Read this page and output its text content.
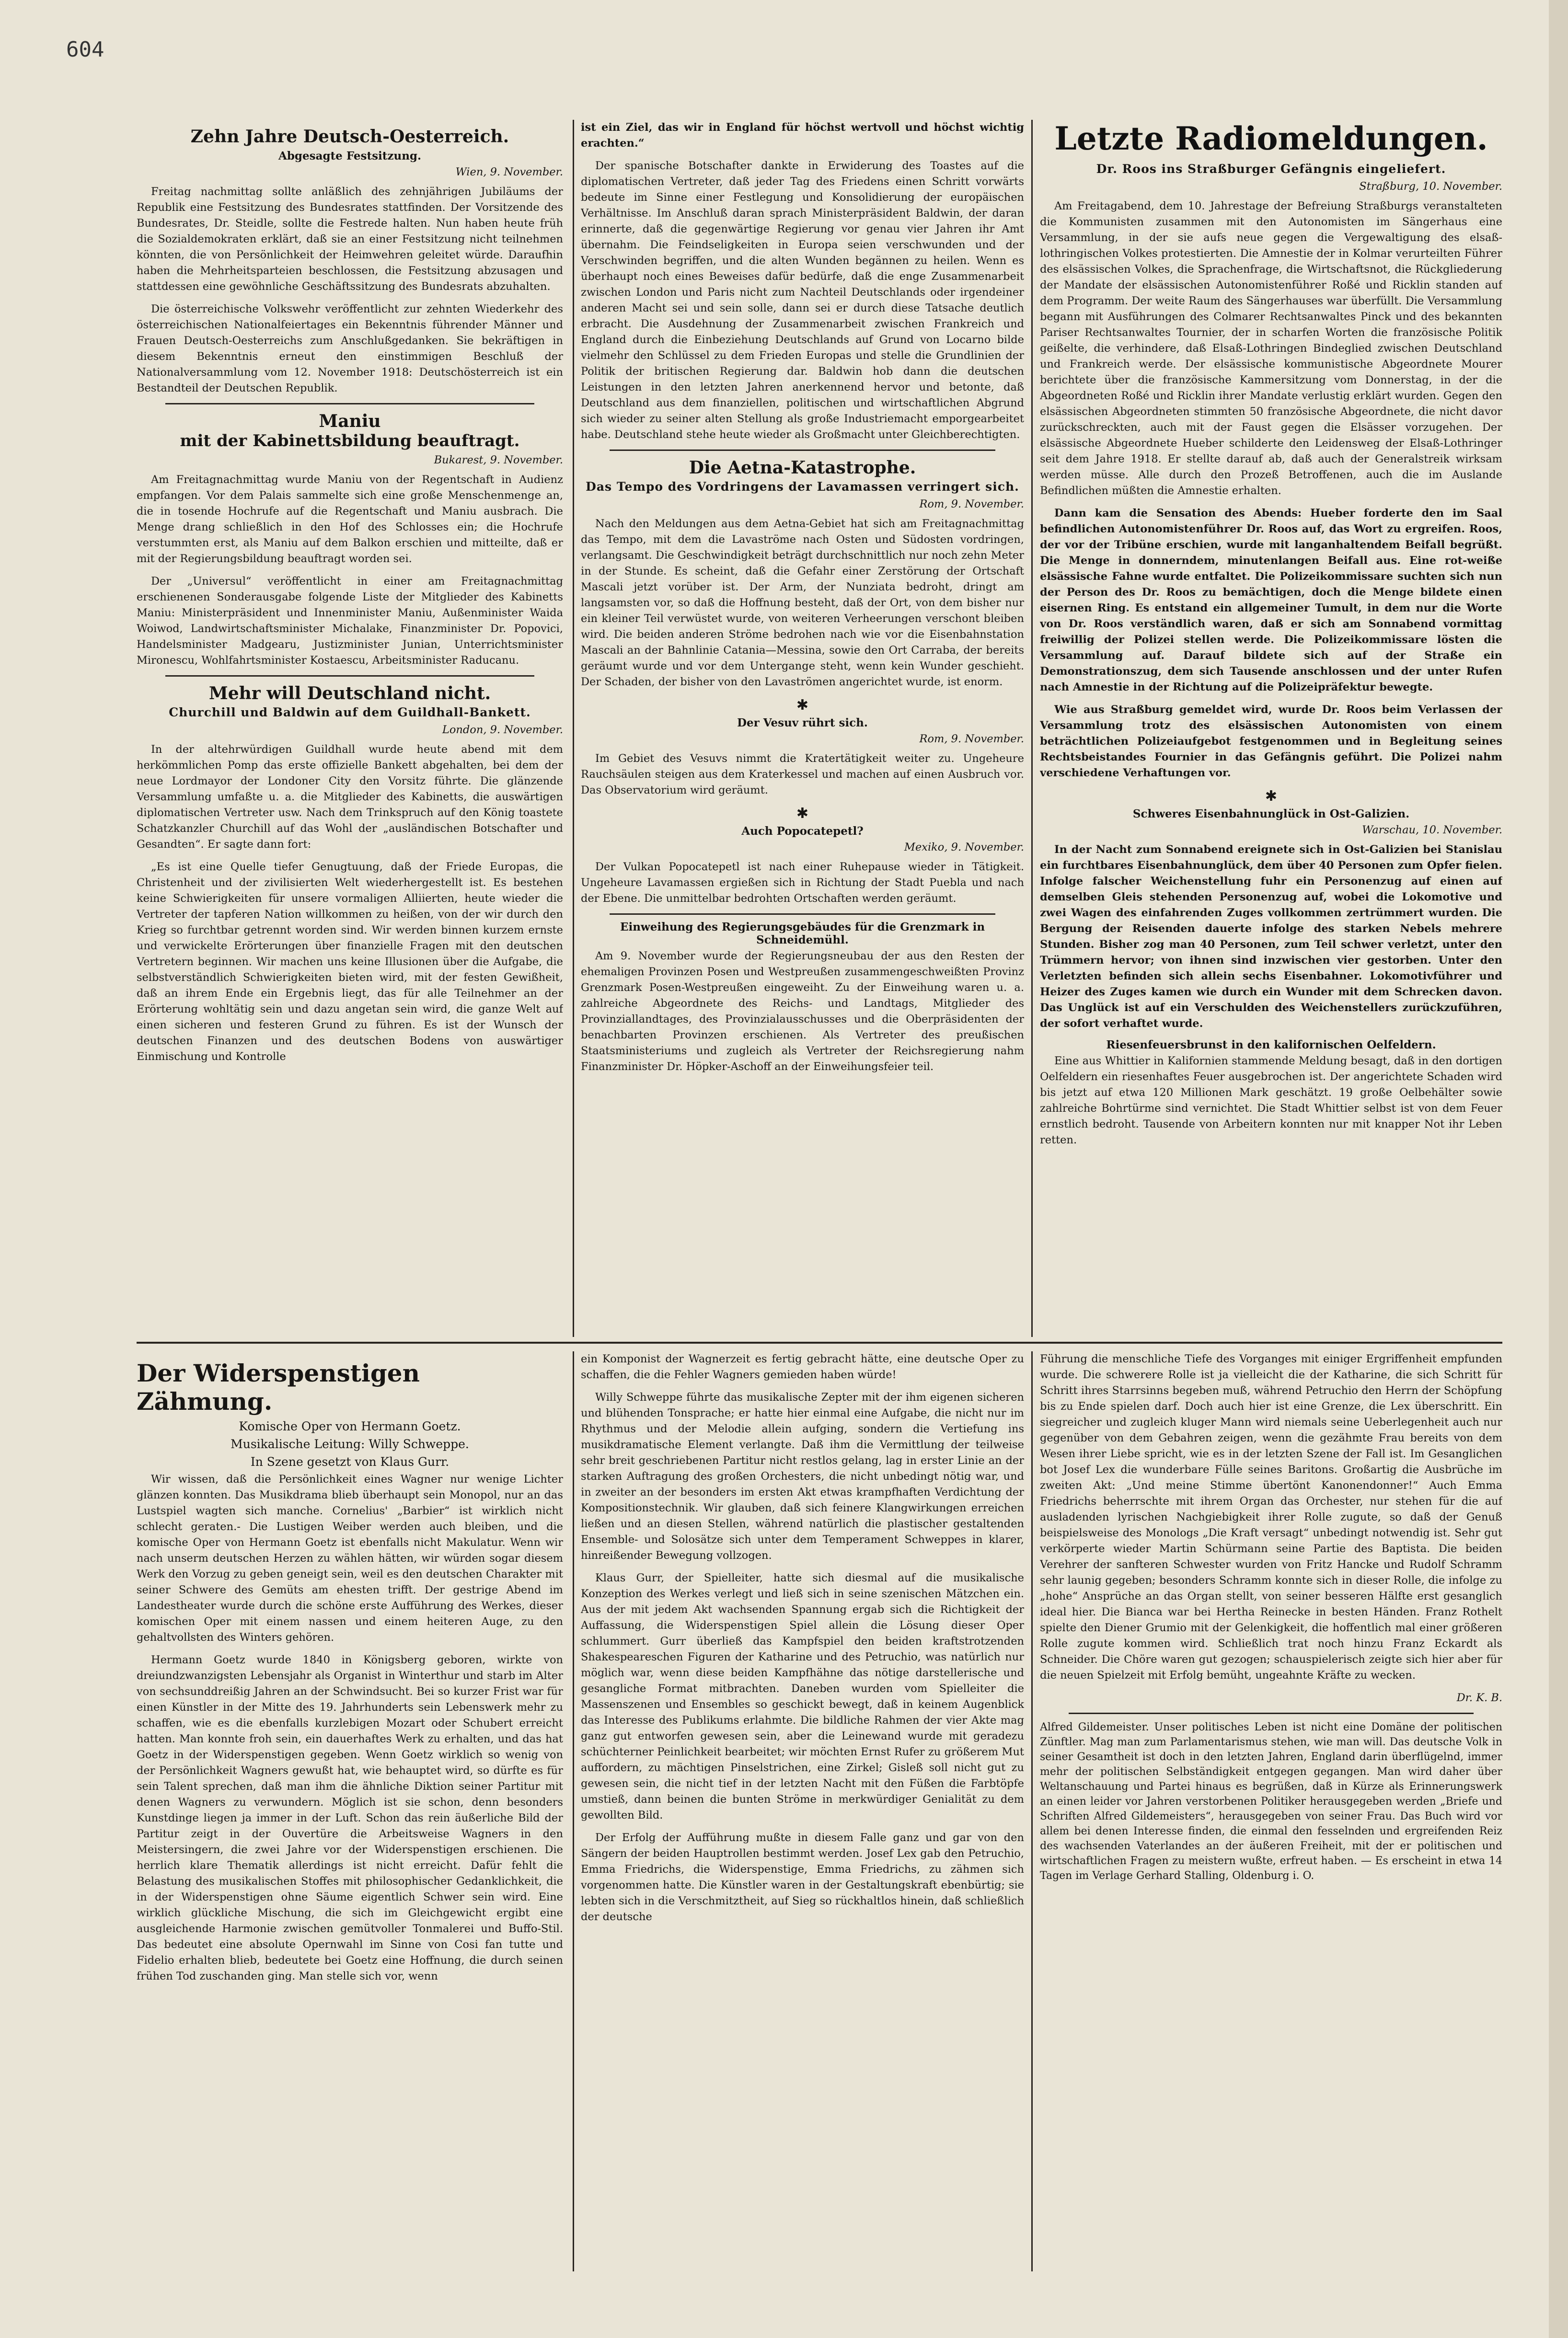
604
Zehn Jahre Deutsch-Oesterreich.
Abgesagte Festsitzung.

Wien, 9. November.

Freitag nachmittag sollte anläßlich des zehnjährigen Jubiläums der Republik eine Festsitzung des Bundesrates stattfinden. Der Vorsitzende des Bundesrates, Dr. Steidle, sollte die Festrede halten. Nun haben heute früh die Sozialdemokraten erklärt, daß sie an einer Festsitzung nicht teilnehmen könnten, die von Persönlichkeit der Heimwehren geleitet würde. Daraufhin haben die Mehrheitsparteien beschlossen, die Festsitzung abzusagen und stattdessen eine gewöhnliche Geschäftssitzung des Bundesrats abzuhalten.

Die österreichische Volkswehr veröffentlicht zur zehnten Wiederkehr des österreichischen Nationalfeiertages ein Bekenntnis führender Männer und Frauen Deutsch-Oesterreichs zum Anschlußgedanken. Sie bekräftigen in diesem Bekenntnis erneut den einstimmigen Beschluß der Nationalversammlung vom 12. November 1918: Deutschösterreich ist ein Bestandteil der Deutschen Republik.

Maniu
mit der Kabinettsbildung beauftragt.

Bukarest, 9. November.

Am Freitagnachmittag wurde Maniu von der Regentschaft in Audienz empfangen. Vor dem Palais sammelte sich eine große Menschenmenge an, die in tosende Hochrufe auf die Regentschaft und Maniu ausbrach. Die Menge drang schließlich in den Hof des Schlosses ein; die Hochrufe verstummten erst, als Maniu auf dem Balkon erschien und mitteilte, daß er mit der Regierungsbildung beauftragt worden sei.

Der „Universul“ veröffentlicht in einer am Freitagnachmittag erschienenen Sonderausgabe folgende Liste der Mitglieder des Kabinetts Maniu: Ministerpräsident und Innenminister Maniu, Außenminister Waida Woiwod, Landwirtschaftsminister Michalake, Finanzminister Dr. Popovici, Handelsminister Madgearu, Justizminister Junian, Unterrichtsminister Mironescu, Wohlfahrtsminister Kostaescu, Arbeitsminister Raducanu.

Mehr will Deutschland nicht.
Churchill und Baldwin auf dem Guildhall-Bankett.

London, 9. November.

In der altehrwürdigen Guildhall wurde heute abend mit dem herkömmlichen Pomp das erste offizielle Bankett abgehalten, bei dem der neue Lordmayor der Londoner City den Vorsitz führte. Die glänzende Versammlung umfaßte u. a. die Mitglieder des Kabinetts, die auswärtigen diplomatischen Vertreter usw. Nach dem Trinkspruch auf den König toastete Schatzkanzler Churchill auf das Wohl der „ausländischen Botschafter und Gesandten“. Er sagte dann fort:

„Es ist eine Quelle tiefer Genugtuung, daß der Friede Europas, die Christenheit und der zivilisierten Welt wiederhergestellt ist. Es bestehen keine Schwierigkeiten für unsere vormaligen Alliierten, heute wieder die Vertreter der tapferen Nation willkommen zu heißen, von der wir durch den Krieg so furchtbar getrennt worden sind. Wir werden binnen kurzem ernste und verwickelte Erörterungen über finanzielle Fragen mit den deutschen Vertretern beginnen. Wir machen uns keine Illusionen über die Aufgabe, die selbstverständlich Schwierigkeiten bieten wird, mit der festen Gewißheit, daß an ihrem Ende ein Ergebnis liegt, das für alle Teilnehmer an der Erörterung wohltätig sein und dazu angetan sein wird, die ganze Welt auf einen sicheren und festeren Grund zu führen. Es ist der Wunsch der deutschen Finanzen und des deutschen Bodens von auswärtiger Einmischung und Kontrolle

ist ein Ziel, das wir in England für höchst wertvoll und höchst wichtig erachten.“

Der spanische Botschafter dankte in Erwiderung des Toastes auf die diplomatischen Vertreter, daß jeder Tag des Friedens einen Schritt vorwärts bedeute im Sinne einer Festlegung und Konsolidierung der europäischen Verhältnisse. Im Anschluß daran sprach Ministerpräsident Baldwin, der daran erinnerte, daß die gegenwärtige Regierung vor genau vier Jahren ihr Amt übernahm. Die Feindseligkeiten in Europa seien verschwunden und der Verschwinden begriffen, und die alten Wunden begännen zu heilen. Wenn es überhaupt noch eines Beweises dafür bedürfe, daß die enge Zusammenarbeit zwischen London und Paris nicht zum Nachteil Deutschlands oder irgendeiner anderen Macht sei und sein solle, dann sei er durch diese Tatsache deutlich erbracht. Die Ausdehnung der Zusammenarbeit zwischen Frankreich und England durch die Einbeziehung Deutschlands auf Grund von Locarno bilde vielmehr den Schlüssel zu dem Frieden Europas und stelle die Grundlinien der Politik der britischen Regierung dar. Baldwin hob dann die deutschen Leistungen in den letzten Jahren anerkennend hervor und betonte, daß Deutschland aus dem finanziellen, politischen und wirtschaftlichen Abgrund sich wieder zu seiner alten Stellung als große Industriemacht emporgearbeitet habe. Deutschland stehe heute wieder als Großmacht unter Gleichberechtigten.

Die Aetna-Katastrophe.
Das Tempo des Vordringens der Lavamassen verringert sich.

Rom, 9. November.

Nach den Meldungen aus dem Aetna-Gebiet hat sich am Freitagnachmittag das Tempo, mit dem die Lavaströme nach Osten und Südosten vordringen, verlangsamt. Die Geschwindigkeit beträgt durchschnittlich nur noch zehn Meter in der Stunde. Es scheint, daß die Gefahr einer Zerstörung der Ortschaft Mascali jetzt vorüber ist. Der Arm, der Nunziata bedroht, dringt am langsamsten vor, so daß die Hoffnung besteht, daß der Ort, von dem bisher nur ein kleiner Teil verwüstet wurde, von weiteren Verheerungen verschont bleiben wird. Die beiden anderen Ströme bedrohen nach wie vor die Eisenbahnstation Mascali an der Bahnlinie Catania—Messina, sowie den Ort Carraba, der bereits geräumt wurde und vor dem Untergange steht, wenn kein Wunder geschieht. Der Schaden, der bisher von den Lavaströmen angerichtet wurde, ist enorm.

✱
Der Vesuv rührt sich.

Rom, 9. November.

Im Gebiet des Vesuvs nimmt die Kratertätigkeit weiter zu. Ungeheure Rauchsäulen steigen aus dem Kraterkessel und machen auf einen Ausbruch vor. Das Observatorium wird geräumt.

✱
Auch Popocatepetl?

Mexiko, 9. November.

Der Vulkan Popocatepetl ist nach einer Ruhepause wieder in Tätigkeit. Ungeheure Lavamassen ergießen sich in Richtung der Stadt Puebla und nach der Ebene. Die unmittelbar bedrohten Ortschaften werden geräumt.

Einweihung des Regierungsgebäudes für die Grenzmark in Schneidemühl.

Am 9. November wurde der Regierungsneubau der aus den Resten der ehemaligen Provinzen Posen und Westpreußen zusammengeschweißten Provinz Grenzmark Posen-Westpreußen eingeweiht. Zu der Einweihung waren u. a. zahlreiche Abgeordnete des Reichs- und Landtags, Mitglieder des Provinziallandtages, des Provinzialausschusses und die Oberpräsidenten der benachbarten Provinzen erschienen. Als Vertreter des preußischen Staatsministeriums und zugleich als Vertreter der Reichsregierung nahm Finanzminister Dr. Höpker-Aschoff an der Einweihungsfeier teil.

Letzte Radiomeldungen.
Dr. Roos ins Straßburger Gefängnis eingeliefert.

Straßburg, 10. November.

Am Freitagabend, dem 10. Jahrestage der Befreiung Straßburgs veranstalteten die Kommunisten zusammen mit den Autonomisten im Sängerhaus eine Versammlung, in der sie aufs neue gegen die Vergewaltigung des elsaß-lothringischen Volkes protestierten. Die Amnestie der in Kolmar verurteilten Führer des elsässischen Volkes, die Sprachenfrage, die Wirtschaftsnot, die Rückgliederung der Mandate der elsässischen Autonomistenführer Roßé und Ricklin standen auf dem Programm. Der weite Raum des Sängerhauses war überfüllt. Die Versammlung begann mit Ausführungen des Colmarer Rechtsanwaltes Pinck und des bekannten Pariser Rechtsanwaltes Tournier, der in scharfen Worten die französische Politik geißelte, die verhindere, daß Elsaß-Lothringen Bindeglied zwischen Deutschland und Frankreich werde. Der elsässische kommunistische Abgeordnete Mourer berichtete über die französische Kammersitzung vom Donnerstag, in der die Abgeordneten Roßé und Ricklin ihrer Mandate verlustig erklärt wurden. Gegen den elsässischen Abgeordneten stimmten 50 französische Abgeordnete, die nicht davor zurückschreckten, auch mit der Faust gegen die Elsässer vorzugehen. Der elsässische Abgeordnete Hueber schilderte den Leidensweg der Elsaß-Lothringer seit dem Jahre 1918. Er stellte darauf ab, daß auch der Generalstreik wirksam werden müsse. Alle durch den Prozeß Betroffenen, auch die im Auslande Befindlichen müßten die Amnestie erhalten.

Dann kam die Sensation des Abends: Hueber forderte den im Saal befindlichen Autonomistenführer Dr. Roos auf, das Wort zu ergreifen. Roos, der vor der Tribüne erschien, wurde mit langanhaltendem Beifall begrüßt. Die Menge in donnerndem, minutenlangen Beifall aus. Eine rot-weiße elsässische Fahne wurde entfaltet. Die Polizeikommissare suchten sich nun der Person des Dr. Roos zu bemächtigen, doch die Menge bildete einen eisernen Ring. Es entstand ein allgemeiner Tumult, in dem nur die Worte von Dr. Roos verständlich waren, daß er sich am Sonnabend vormittag freiwillig der Polizei stellen werde. Die Polizeikommissare lösten die Versammlung auf. Darauf bildete sich auf der Straße ein Demonstrationszug, dem sich Tausende anschlossen und der unter Rufen nach Amnestie in der Richtung auf die Polizeipräfektur bewegte.

Wie aus Straßburg gemeldet wird, wurde Dr. Roos beim Verlassen der Versammlung trotz des elsässischen Autonomisten von einem beträchtlichen Polizeiaufgebot festgenommen und in Begleitung seines Rechtsbeistandes Fournier in das Gefängnis geführt. Die Polizei nahm verschiedene Verhaftungen vor.

✱
Schweres Eisenbahnunglück in Ost-Galizien.

Warschau, 10. November.

In der Nacht zum Sonnabend ereignete sich in Ost-Galizien bei Stanislau ein furchtbares Eisenbahnunglück, dem über 40 Personen zum Opfer fielen. Infolge falscher Weichenstellung fuhr ein Personenzug auf einen auf demselben Gleis stehenden Personenzug auf, wobei die Lokomotive und zwei Wagen des einfahrenden Zuges vollkommen zertrümmert wurden. Die Bergung der Reisenden dauerte infolge des starken Nebels mehrere Stunden. Bisher zog man 40 Personen, zum Teil schwer verletzt, unter den Trümmern hervor; von ihnen sind inzwischen vier gestorben. Unter den Verletzten befinden sich allein sechs Eisenbahner. Lokomotivführer und Heizer des Zuges kamen wie durch ein Wunder mit dem Schrecken davon. Das Unglück ist auf ein Verschulden des Weichenstellers zurückzuführen, der sofort verhaftet wurde.

Riesenfeuersbrunst in den kalifornischen Oelfeldern.

Eine aus Whittier in Kalifornien stammende Meldung besagt, daß in den dortigen Oelfeldern ein riesenhaftes Feuer ausgebrochen ist. Der angerichtete Schaden wird bis jetzt auf etwa 120 Millionen Mark geschätzt. 19 große Oelbehälter sowie zahlreiche Bohrtürme sind vernichtet. Die Stadt Whittier selbst ist von dem Feuer ernstlich bedroht. Tausende von Arbeitern konnten nur mit knapper Not ihr Leben retten.

Der Widerspenstigen Zähmung.

Komische Oper von Hermann Goetz.

Musikalische Leitung: Willy Schweppe.

In Szene gesetzt von Klaus Gurr.

Wir wissen, daß die Persönlichkeit eines Wagner nur wenige Lichter glänzen konnten. Das Musikdrama blieb überhaupt sein Monopol, nur an das Lustspiel wagten sich manche. Cornelius' „Barbier“ ist wirklich nicht schlecht geraten.- Die Lustigen Weiber werden auch bleiben, und die komische Oper von Hermann Goetz ist ebenfalls nicht Makulatur. Wenn wir nach unserm deutschen Herzen zu wählen hätten, wir würden sogar diesem Werk den Vorzug zu geben geneigt sein, weil es den deutschen Charakter mit seiner Schwere des Gemüts am ehesten trifft. Der gestrige Abend im Landestheater wurde durch die schöne erste Aufführung des Werkes, dieser komischen Oper mit einem nassen und einem heiteren Auge, zu den gehaltvollsten des Winters gehören.

Hermann Goetz wurde 1840 in Königsberg geboren, wirkte von dreiundzwanzigsten Lebensjahr als Organist in Winterthur und starb im Alter von sechsunddreißig Jahren an der Schwindsucht. Bei so kurzer Frist war für einen Künstler in der Mitte des 19. Jahrhunderts sein Lebenswerk mehr zu schaffen, wie es die ebenfalls kurzlebigen Mozart oder Schubert erreicht hatten. Man konnte froh sein, ein dauerhaftes Werk zu erhalten, und das hat Goetz in der Widerspenstigen gegeben. Wenn Goetz wirklich so wenig von der Persönlichkeit Wagners gewußt hat, wie behauptet wird, so dürfte es für sein Talent sprechen, daß man ihm die ähnliche Diktion seiner Partitur mit denen Wagners zu verwundern. Möglich ist sie schon, denn besonders Kunstdinge liegen ja immer in der Luft. Schon das rein äußerliche Bild der Partitur zeigt in der Ouvertüre die Arbeitsweise Wagners in den Meistersingern, die zwei Jahre vor der Widerspenstigen erschienen. Die herrlich klare Thematik allerdings ist nicht erreicht. Dafür fehlt die Belastung des musikalischen Stoffes mit philosophischer Gedanklichkeit, die in der Widerspenstigen ohne Säume eigentlich Schwer sein wird. Eine wirklich glückliche Mischung, die sich im Gleichgewicht ergibt eine ausgleichende Harmonie zwischen gemütvoller Tonmalerei und Buffo-Stil. Das bedeutet eine absolute Opernwahl im Sinne von Cosi fan tutte und Fidelio erhalten blieb, bedeutete bei Goetz eine Hoffnung, die durch seinen frühen Tod zuschanden ging. Man stelle sich vor, wenn

ein Komponist der Wagnerzeit es fertig gebracht hätte, eine deutsche Oper zu schaffen, die die Fehler Wagners gemieden haben würde!

Willy Schweppe führte das musikalische Zepter mit der ihm eigenen sicheren und blühenden Tonsprache; er hatte hier einmal eine Aufgabe, die nicht nur im Rhythmus und der Melodie allein aufging, sondern die Vertiefung ins musikdramatische Element verlangte. Daß ihm die Vermittlung der teilweise sehr breit geschriebenen Partitur nicht restlos gelang, lag in erster Linie an der starken Auftragung des großen Orchesters, die nicht unbedingt nötig war, und in zweiter an der besonders im ersten Akt etwas krampfhaften Verdichtung der Kompositionstechnik. Wir glauben, daß sich feinere Klangwirkungen erreichen ließen und an diesen Stellen, während natürlich die plastischer gestaltenden Ensemble- und Solosätze sich unter dem Temperament Schweppes in klarer, hinreißender Bewegung vollzogen.

Klaus Gurr, der Spielleiter, hatte sich diesmal auf die musikalische Konzeption des Werkes verlegt und ließ sich in seine szenischen Mätzchen ein. Aus der mit jedem Akt wachsenden Spannung ergab sich die Richtigkeit der Auffassung, die Widerspenstigen Spiel allein die Lösung dieser Oper schlummert. Gurr überließ das Kampfspiel den beiden kraftstrotzenden Shakespeareschen Figuren der Katharine und des Petruchio, was natürlich nur möglich war, wenn diese beiden Kampfhähne das nötige darstellerische und gesangliche Format mitbrachten. Daneben wurden vom Spielleiter die Massenszenen und Ensembles so geschickt bewegt, daß in keinem Augenblick das Interesse des Publikums erlahmte. Die bildliche Rahmen der vier Akte mag ganz gut entworfen gewesen sein, aber die Leinewand wurde mit geradezu schüchterner Peinlichkeit bearbeitet; wir möchten Ernst Rufer zu größerem Mut auffordern, zu mächtigen Pinselstrichen, eine Zirkel; Gisleß soll nicht gut zu gewesen sein, die nicht tief in der letzten Nacht mit den Füßen die Farbtöpfe umstieß, dann beinen die bunten Ströme in merkwürdiger Genialität zu dem gewollten Bild.

Der Erfolg der Aufführung mußte in diesem Falle ganz und gar von den Sängern der beiden Hauptrollen bestimmt werden. Josef Lex gab den Petruchio, Emma Friedrichs, die Widerspenstige, Emma Friedrichs, zu zähmen sich vorgenommen hatte. Die Künstler waren in der Gestaltungskraft ebenbürtig; sie lebten sich in die Verschmitztheit, auf Sieg so rückhaltlos hinein, daß schließlich der deutsche

Führung die menschliche Tiefe des Vorganges mit einiger Ergriffenheit empfunden wurde. Die schwerere Rolle ist ja vielleicht die der Katharine, die sich Schritt für Schritt ihres Starrsinns begeben muß, während Petruchio den Herrn der Schöpfung bis zu Ende spielen darf. Doch auch hier ist eine Grenze, die Lex überschritt. Ein siegreicher und zugleich kluger Mann wird niemals seine Ueberlegenheit auch nur gegenüber von dem Gebahren zeigen, wenn die gezähmte Frau bereits von dem Wesen ihrer Liebe spricht, wie es in der letzten Szene der Fall ist. Im Gesanglichen bot Josef Lex die wunderbare Fülle seines Baritons. Großartig die Ausbrüche im zweiten Akt: „Und meine Stimme übertönt Kanonendonner!“ Auch Emma Friedrichs beherrschte mit ihrem Organ das Orchester, nur stehen für die auf ausladenden lyrischen Nachgiebigkeit ihrer Rolle zugute, so daß der Genuß beispielsweise des Monologs „Die Kraft versagt“ unbedingt notwendig ist. Sehr gut verkörperte wieder Martin Schürmann seine Partie des Baptista. Die beiden Verehrer der sanfteren Schwester wurden von Fritz Hancke und Rudolf Schramm sehr launig gegeben; besonders Schramm konnte sich in dieser Rolle, die infolge zu „hohe“ Ansprüche an das Organ stellt, von seiner besseren Hälfte erst gesanglich ideal hier. Die Bianca war bei Hertha Reinecke in besten Händen. Franz Rothelt spielte den Diener Grumio mit der Gelenkigkeit, die hoffentlich mal einer größeren Rolle zugute kommen wird. Schließlich trat noch hinzu Franz Eckardt als Schneider. Die Chöre waren gut gezogen; schauspielerisch zeigte sich hier aber für die neuen Spielzeit mit Erfolg bemüht, ungeahnte Kräfte zu wecken.

Dr. K. B.

Alfred Gildemeister. Unser politisches Leben ist nicht eine Domäne der politischen Zünftler. Mag man zum Parlamentarismus stehen, wie man will. Das deutsche Volk in seiner Gesamtheit ist doch in den letzten Jahren, England darin überflügelnd, immer mehr der politischen Selbständigkeit entgegen gegangen. Man wird daher über Weltanschauung und Partei hinaus es begrüßen, daß in Kürze als Erinnerungswerk an einen leider vor Jahren verstorbenen Politiker herausgegeben werden „Briefe und Schriften Alfred Gildemeisters“, herausgegeben von seiner Frau. Das Buch wird vor allem bei denen Interesse finden, die einmal den fesselnden und ergreifenden Reiz des wachsenden Vaterlandes an der äußeren Freiheit, mit der er politischen und wirtschaftlichen Fragen zu meistern wußte, erfreut haben. — Es erscheint in etwa 14 Tagen im Verlage Gerhard Stalling, Oldenburg i. O.
